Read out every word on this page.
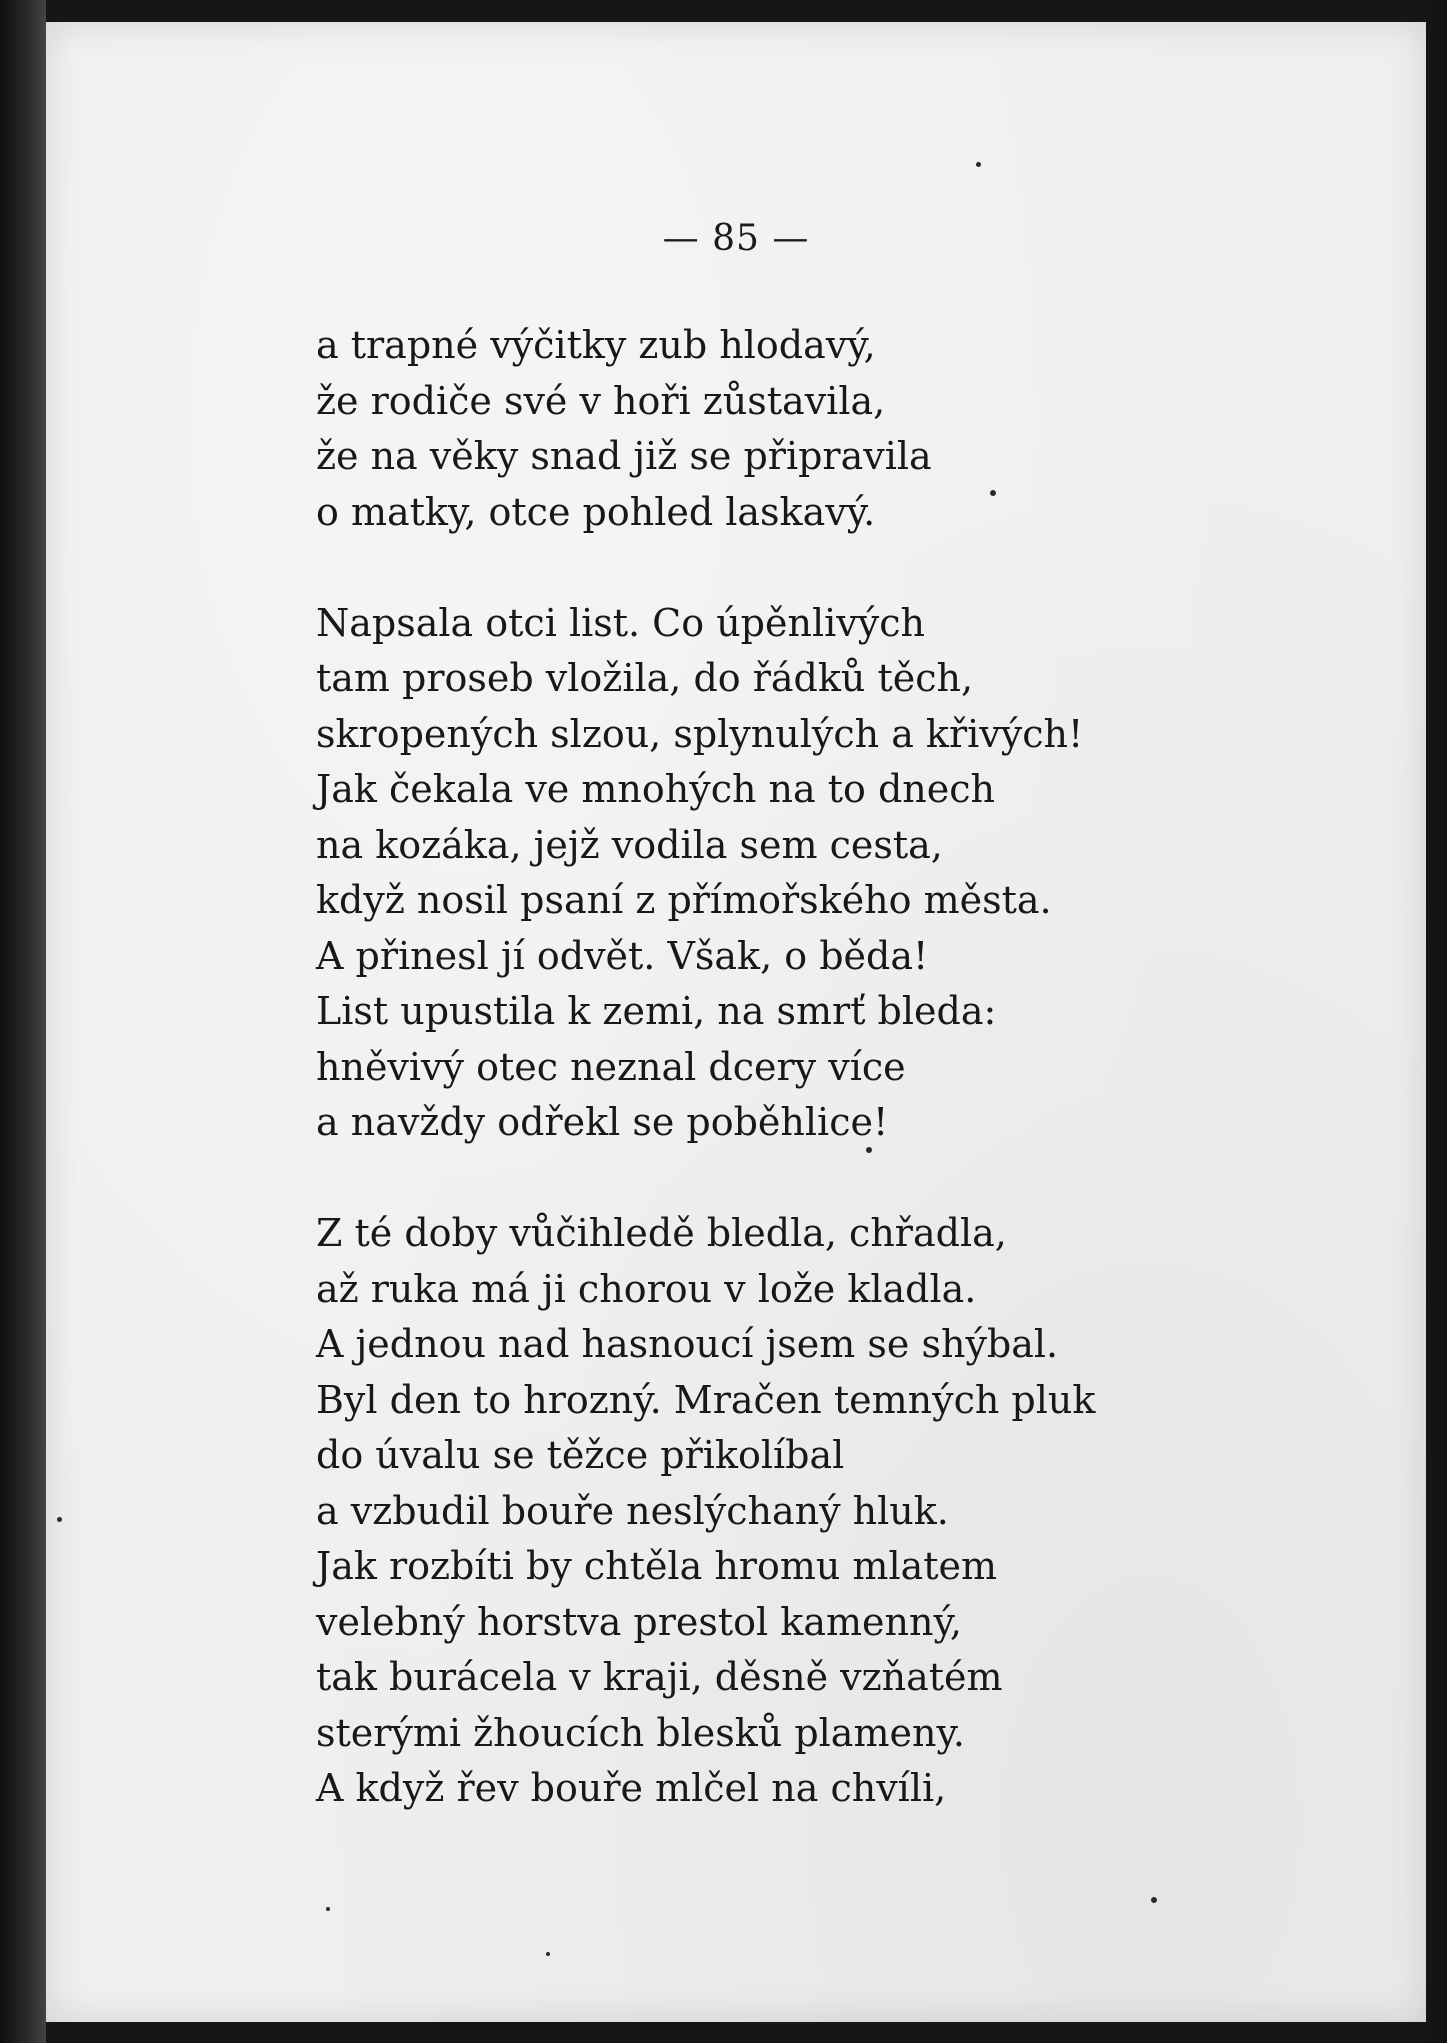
— 85 —
a trapné výčitky zub hlodavý,
že rodiče své v hoři zůstavila,
že na věky snad již se připravila
o matky, otce pohled laskavý.
Napsala otci list. Co úpěnlivých
tam proseb vložila, do řádků těch,
skropených slzou, splynulých a křivých!
Jak čekala ve mnohých na to dnech
na kozáka, jejž vodila sem cesta,
když nosil psaní z přímořského města.
A přinesl jí odvět. Však, o běda!
List upustila k zemi, na smrť bleda:
hněvivý otec neznal dcery více
a navždy odřekl se poběhlice!
Z té doby vůčihledě bledla, chřadla,
až ruka má ji chorou v lože kladla.
A jednou nad hasnoucí jsem se shýbal.
Byl den to hrozný. Mračen temných pluk
do úvalu se těžce přikolíbal
a vzbudil bouře neslýchaný hluk.
Jak rozbíti by chtěla hromu mlatem
velebný horstva prestol kamenný,
tak burácela v kraji, děsně vzňatém
sterými žhoucích blesků plameny.
A když řev bouře mlčel na chvíli,
